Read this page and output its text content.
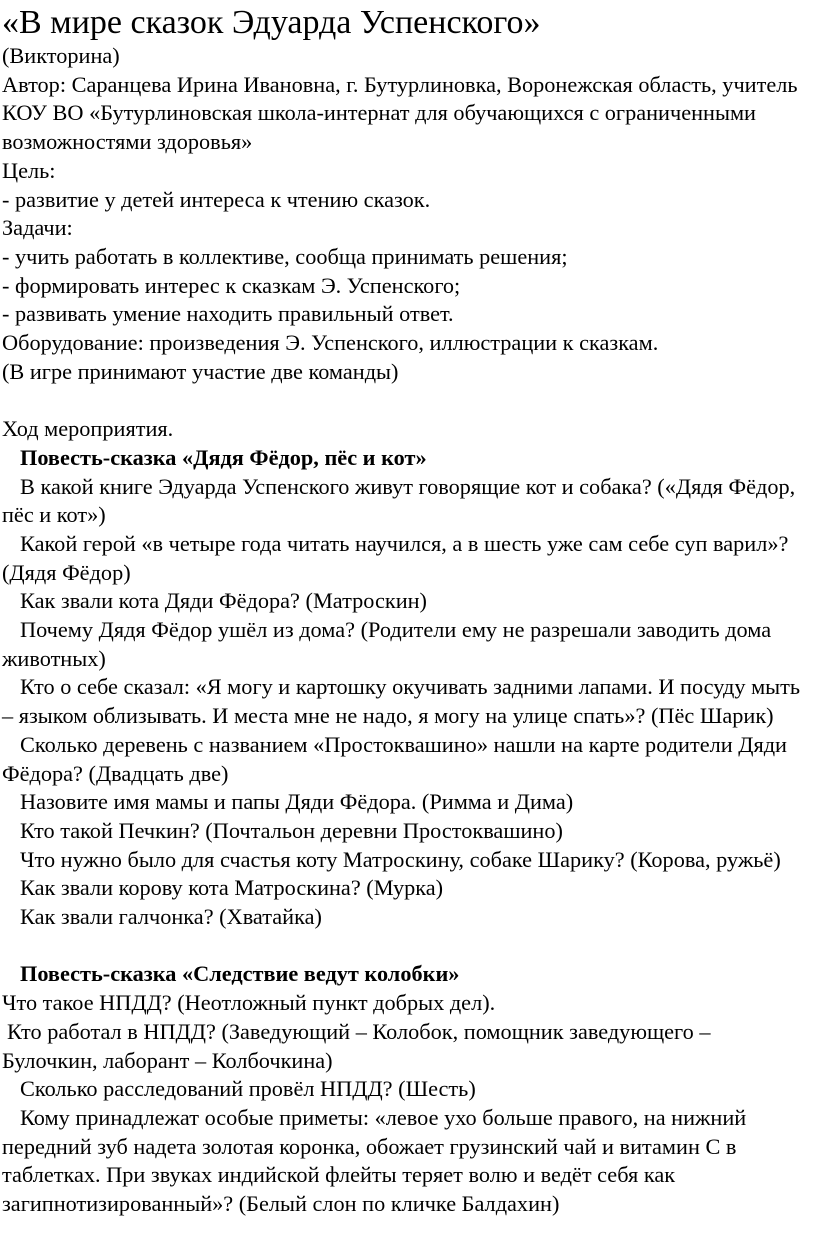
«В мире сказок Эдуарда Успенского»

(Викторина)

Автор: Саранцева Ирина Ивановна, г. Бутурлиновка, Воронежская область, учитель КОУ ВО «Бутурлиновская школа-интернат для обучающихся с ограниченными возможностями здоровья»

Цель:

- развитие у детей интереса к чтению сказок.

Задачи:

- учить работать в коллективе, сообща принимать решения;

- формировать интерес к сказкам Э. Успенского;

- развивать умение находить правильный ответ.

Оборудование: произведения Э. Успенского, иллюстрации к сказкам.

(В игре принимают участие две команды)

Ход мероприятия.

Повесть-сказка «Дядя Фёдор, пёс и кот»

В какой книге Эдуарда Успенского живут говорящие кот и собака? («Дядя Фёдор, пёс и кот»)

Какой герой «в четыре года читать научился, а в шесть уже сам себе суп варил»? (Дядя Фёдор)

Как звали кота Дяди Фёдора? (Матроскин)

Почему Дядя Фёдор ушёл из дома? (Родители ему не разрешали заводить дома животных)

Кто о себе сказал: «Я могу и картошку окучивать задними лапами. И посуду мыть – языком облизывать. И места мне не надо, я могу на улице спать»? (Пёс Шарик)

Сколько деревень с названием «Простоквашино» нашли на карте родители Дяди Фёдора? (Двадцать две)

Назовите имя мамы и папы Дяди Фёдора. (Римма и Дима)

Кто такой Печкин? (Почтальон деревни Простоквашино)

Что нужно было для счастья коту Матроскину, собаке Шарику? (Корова, ружьё)

Как звали корову кота Матроскина? (Мурка)

Как звали галчонка? (Хватайка)

Повесть-сказка «Следствие ведут колобки»

Что такое НПДД? (Неотложный пункт добрых дел).

Кто работал в НПДД? (Заведующий – Колобок, помощник заведующего – Булочкин, лаборант – Колбочкина)

Сколько расследований провёл НПДД? (Шесть)

Кому принадлежат особые приметы: «левое ухо больше правого, на нижний передний зуб надета золотая коронка, обожает грузинский чай и витамин С в таблетках. При звуках индийской флейты теряет волю и ведёт себя как загипнотизированный»? (Белый слон по кличке Балдахин)
